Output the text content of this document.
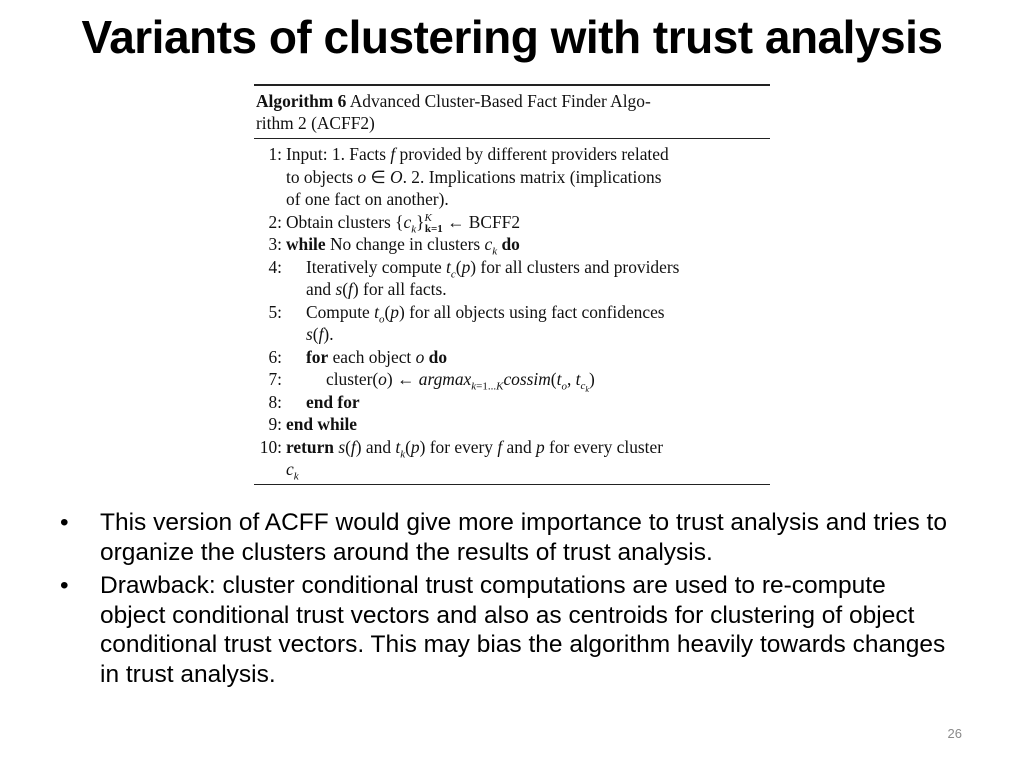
Variants of clustering with trust analysis
Algorithm 6 Advanced Cluster-Based Fact Finder Algo-
rithm 2 (ACFF2)
1: Input: 1. Facts f provided by different providers related
to objects o ∈ O. 2. Implications matrix (implications
of one fact on another).
2: Obtain clusters $\{c_k\}^K_{k=1}$ ← BCFF2
3: while No change in clusters $c_k$ do
4:	Iteratively compute $t_c(p)$ for all clusters and providers
and s(f) for all facts.
5:	Compute $t_o(p)$ for all objects using fact confidences
s(f).
6:	for each object o do
7:	cluster(o) ← $argmax_{k=1...K}cossim(t_o$, $t_{c_k}$)
8:	end for
9: end while
10: return s(f) and $t_k(p)$ for every f and p for every cluster
$c_k$
•	This version of ACFF would give more importance to trust analysis and tries to organize the clusters around the results of trust analysis.
•	Drawback: cluster conditional trust computations are used to re-compute object conditional trust vectors and also as centroids for clustering of object conditional trust vectors. This may bias the algorithm heavily towards changes in trust analysis.
26
